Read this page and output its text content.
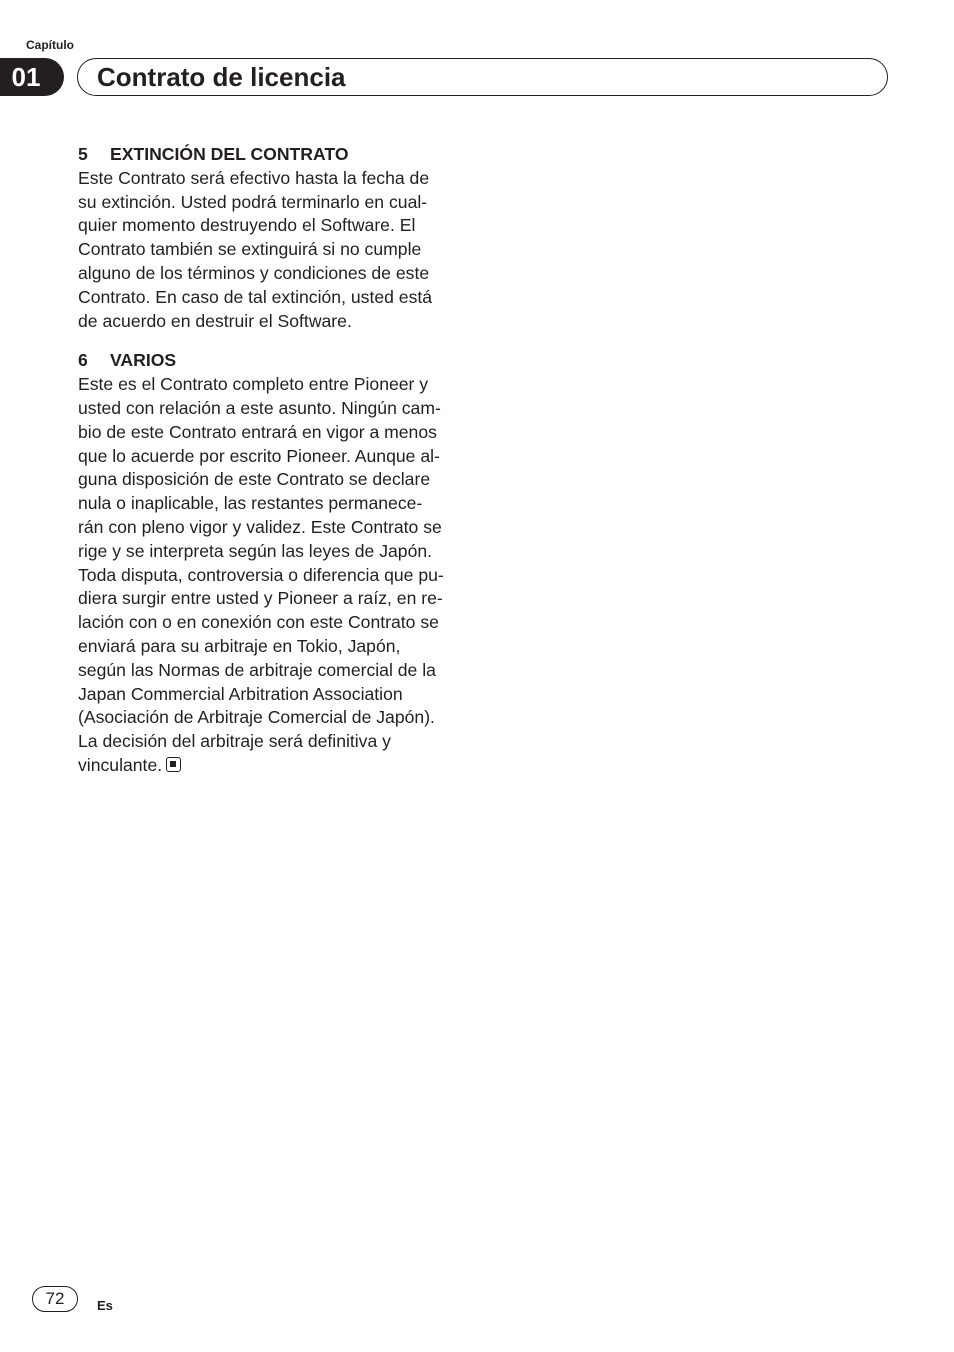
Capítulo
01	Contrato de licencia
5 EXTINCIÓN DEL CONTRATO
Este Contrato será efectivo hasta la fecha de
su extinción. Usted podrá terminarlo en cual-
quier momento destruyendo el Software. El
Contrato también se extinguirá si no cumple
alguno de los términos y condiciones de este
Contrato. En caso de tal extinción, usted está
de acuerdo en destruir el Software.
6 VARIOS
Este es el Contrato completo entre Pioneer y
usted con relación a este asunto. Ningún cam-
bio de este Contrato entrará en vigor a menos
que lo acuerde por escrito Pioneer. Aunque al-
guna disposición de este Contrato se declare
nula o inaplicable, las restantes permanece-
rán con pleno vigor y validez. Este Contrato se
rige y se interpreta según las leyes de Japón.
Toda disputa, controversia o diferencia que pu-
diera surgir entre usted y Pioneer a raíz, en re-
lación con o en conexión con este Contrato se
enviará para su arbitraje en Tokio, Japón,
según las Normas de arbitraje comercial de la
Japan Commercial Arbitration Association
(Asociación de Arbitraje Comercial de Japón).
La decisión del arbitraje será definitiva y
vinculante.
72	Es
